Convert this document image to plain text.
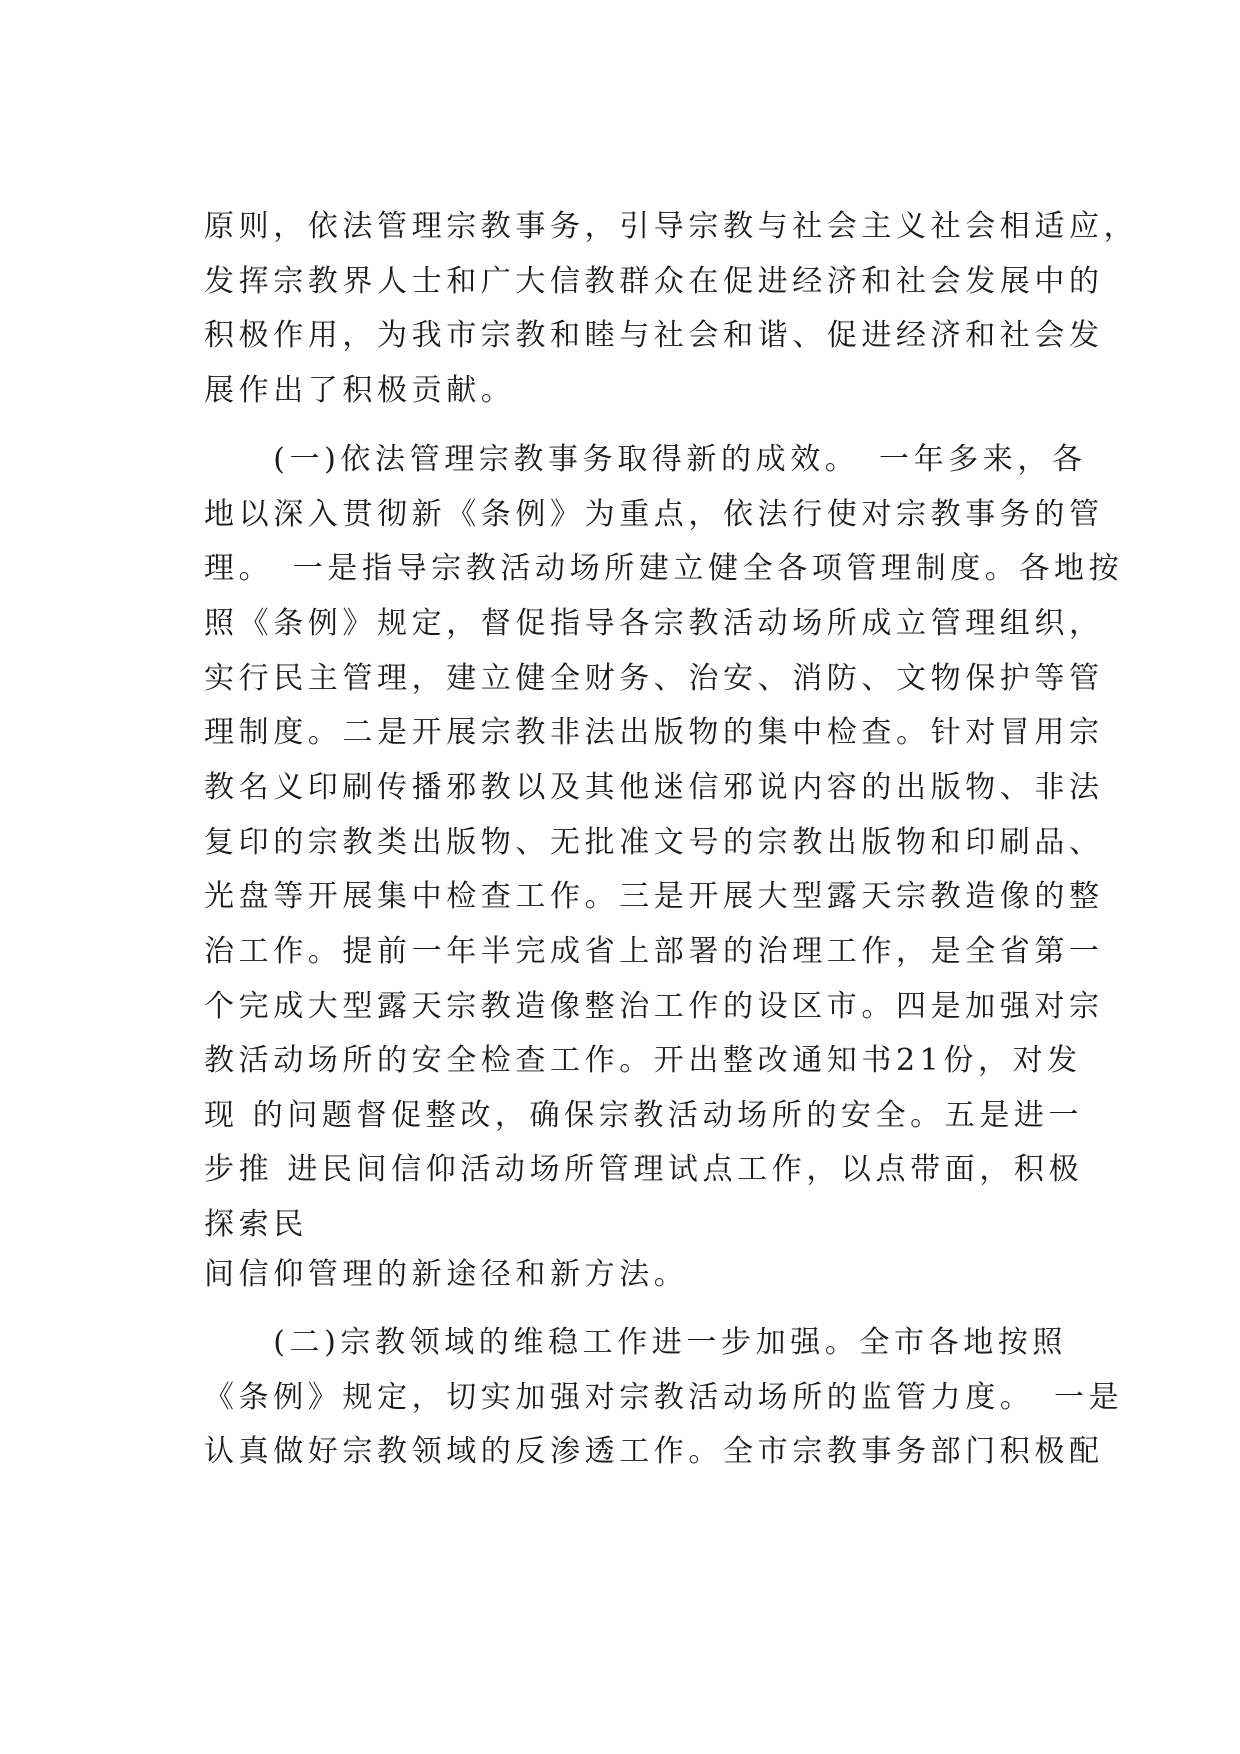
原则，依法管理宗教事务，引导宗教与社会主义社会相适应，
发挥宗教界人士和广大信教群众在促进经济和社会发展中的
积极作用，为我市宗教和睦与社会和谐、促进经济和社会发
展作出了积极贡献。
　　(一)依法管理宗教事务取得新的成效。　一年多来，各
地以深入贯彻新《条例》为重点，依法行使对宗教事务的管
理。　一是指导宗教活动场所建立健全各项管理制度。各地按
照《条例》规定，督促指导各宗教活动场所成立管理组织，
实行民主管理，建立健全财务、治安、消防、文物保护等管
理制度。二是开展宗教非法出版物的集中检查。针对冒用宗
教名义印刷传播邪教以及其他迷信邪说内容的出版物、非法
复印的宗教类出版物、无批准文号的宗教出版物和印刷品、
光盘等开展集中检查工作。三是开展大型露天宗教造像的整
治工作。提前一年半完成省上部署的治理工作，是全省第一
个完成大型露天宗教造像整治工作的设区市。四是加强对宗
教活动场所的安全检查工作。开出整改通知书21份，对发
现 的问题督促整改，确保宗教活动场所的安全。五是进一
步推 进民间信仰活动场所管理试点工作，以点带面，积极
探索民
间信仰管理的新途径和新方法。
　　(二)宗教领域的维稳工作进一步加强。全市各地按照
《条例》规定，切实加强对宗教活动场所的监管力度。　一是
认真做好宗教领域的反渗透工作。全市宗教事务部门积极配
